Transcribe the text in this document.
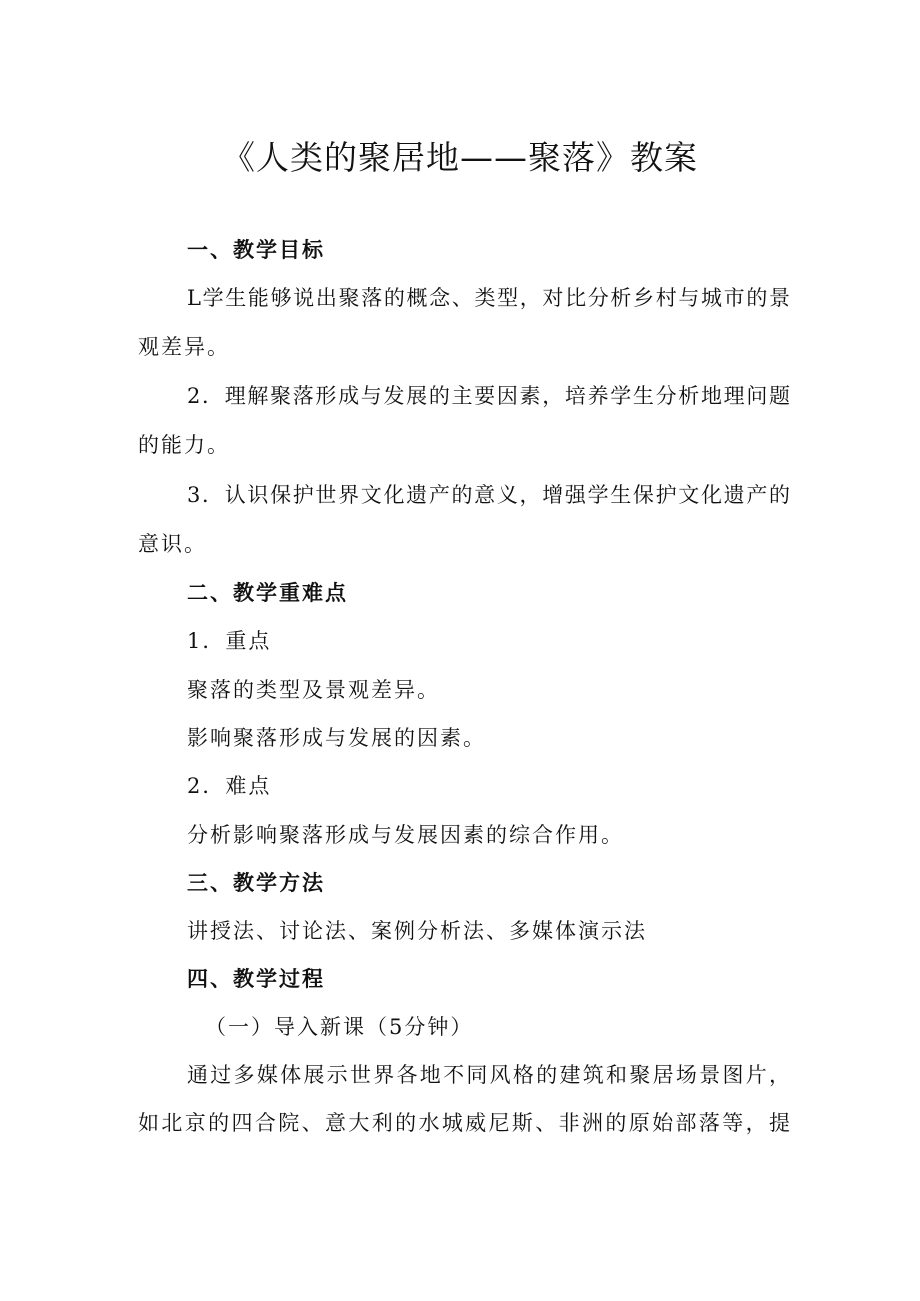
《人类的聚居地——聚落》教案

一、教学目标

L学生能够说出聚落的概念、类型，对比分析乡村与城市的景

观差异。

2．理解聚落形成与发展的主要因素，培养学生分析地理问题

的能力。

3．认识保护世界文化遗产的意义，增强学生保护文化遗产的

意识。

二、教学重难点

1．重点

聚落的类型及景观差异。

影响聚落形成与发展的因素。

2．难点

分析影响聚落形成与发展因素的综合作用。

三、教学方法

讲授法、讨论法、案例分析法、多媒体演示法

四、教学过程

（一）导入新课（5分钟）

通过多媒体展示世界各地不同风格的建筑和聚居场景图片，

如北京的四合院、意大利的水城威尼斯、非洲的原始部落等，提
